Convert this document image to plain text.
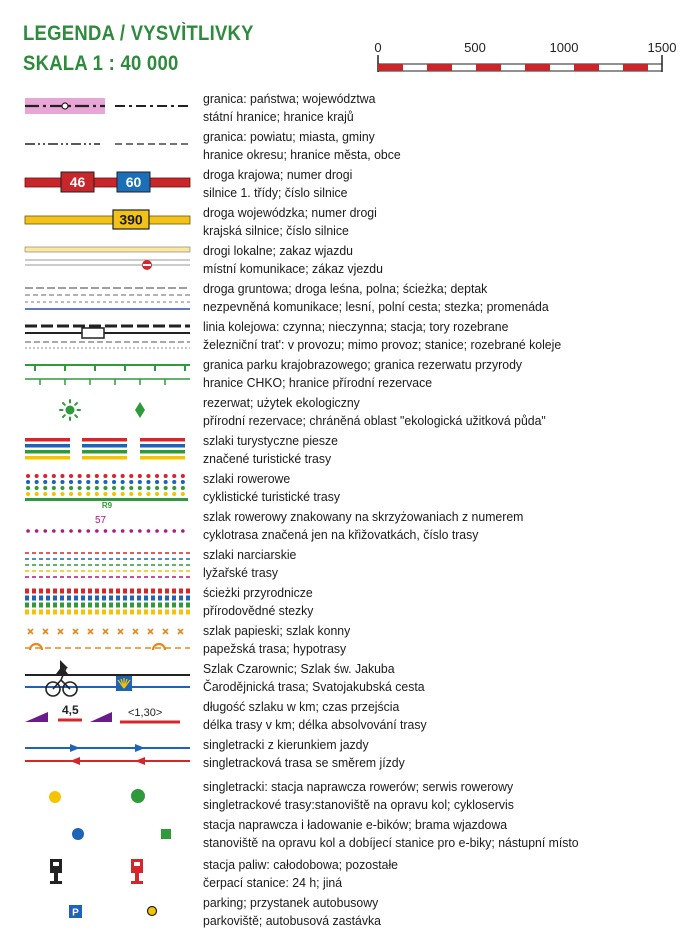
LEGENDA / VYSVÌTLIVKY
SKALA 1 : 40 000
0	500	1000	1500
granica: państwa; województwa
státní hranice; hranice krajů
granica: powiatu; miasta, gminy
hranice okresu; hranice města, obce
46	60	droga krajowa; numer drogi
silnice 1. třídy; číslo silnice
390	droga wojewódzka; numer drogi
krajská silnice; číslo silnice
drogi lokalne; zakaz wjazdu
místní komunikace; zákaz vjezdu
droga gruntowa; droga leśna, polna; ścieżka; deptak
nezpevněná komunikace; lesní, polní cesta; stezka; promenáda
linia kolejowa: czynna; nieczynna; stacja; tory rozebrane
železniční trat': v provozu; mimo provoz; stanice; rozebrané koleje
granica parku krajobrazowego; granica rezerwatu przyrody
hranice CHKO; hranice přírodní rezervace
rezerwat; użytek ekologiczny
přírodní rezervace; chráněná oblast "ekologická užitková půda"
szlaki turystyczne piesze
značené turistické trasy
R9
szlaki rowerowe
cyklistické turistické trasy
57	szlak rowerowy znakowany na skrzyżowaniach z numerem
cyklotrasa značená jen na křižovatkách, číslo trasy
szlaki narciarskie
lyžařské trasy
ścieżki przyrodnicze
přírodovědné stezky
szlak papieski; szlak konny
papežská trasa; hypotrasy
Szlak Czarownic; Szlak św. Jakuba
Čarodějnická trasa; Svatojakubská cesta
4,5	<1,30>	długość szlaku w km; czas przejścia
délka trasy v km; délka absolvování trasy
singletracki z kierunkiem jazdy
singletracková trasa se směrem jízdy
singletracki: stacja naprawcza rowerów; serwis rowerowy
singletrackové trasy:stanoviště na opravu kol; cykloservis
stacja naprawcza i ładowanie e-bików; brama wjazdowa
stanoviště na opravu kol a dobíjecí stanice pro e-biky; nástupní místo
stacja paliw: całodobowa; pozostałe
čerpací stanice: 24 h; jiná
P
parking; przystanek autobusowy
parkoviště; autobusová zastávka
